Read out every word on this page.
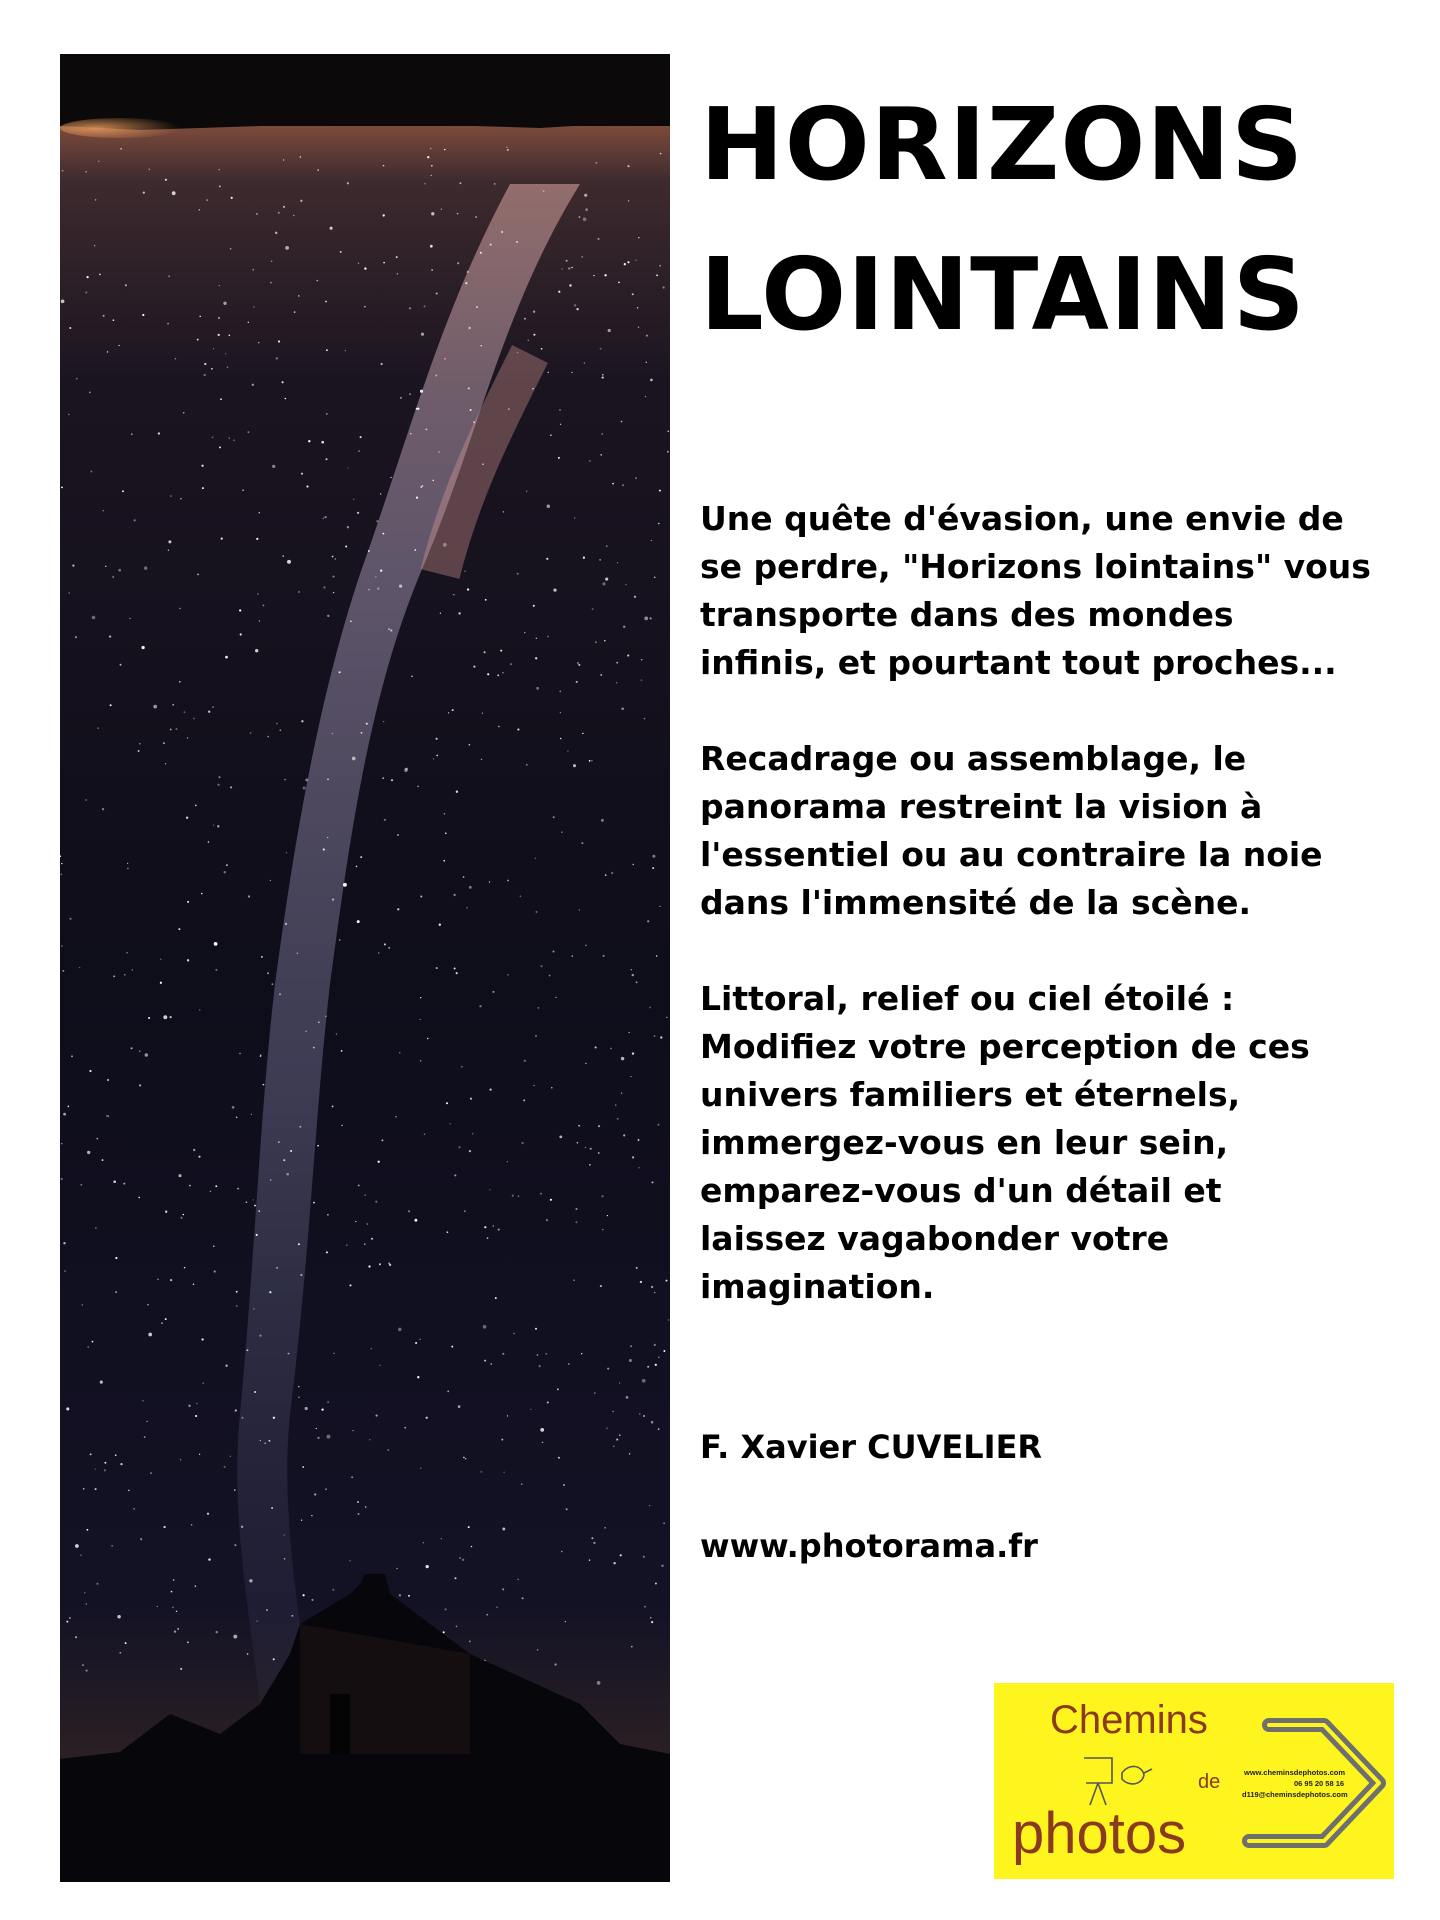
HORIZONS
LOINTAINS

Une quête d'évasion, une envie de
se perdre, "Horizons lointains" vous
transporte dans des mondes
infinis, et pourtant tout proches...

Recadrage ou assemblage, le
panorama restreint la vision à
l'essentiel ou au contraire la noie
dans l'immensité de la scène.

Littoral, relief ou ciel étoilé :
Modifiez votre perception de ces
univers familiers et éternels,
immergez-vous en leur sein,
emparez-vous d'un détail et
laissez vagabonder votre
imagination.

F. Xavier CUVELIER
www.photorama.fr
Chemins
de
photos
www.cheminsdephotos.com
06 95 20 58 16
d119@cheminsdephotos.com
